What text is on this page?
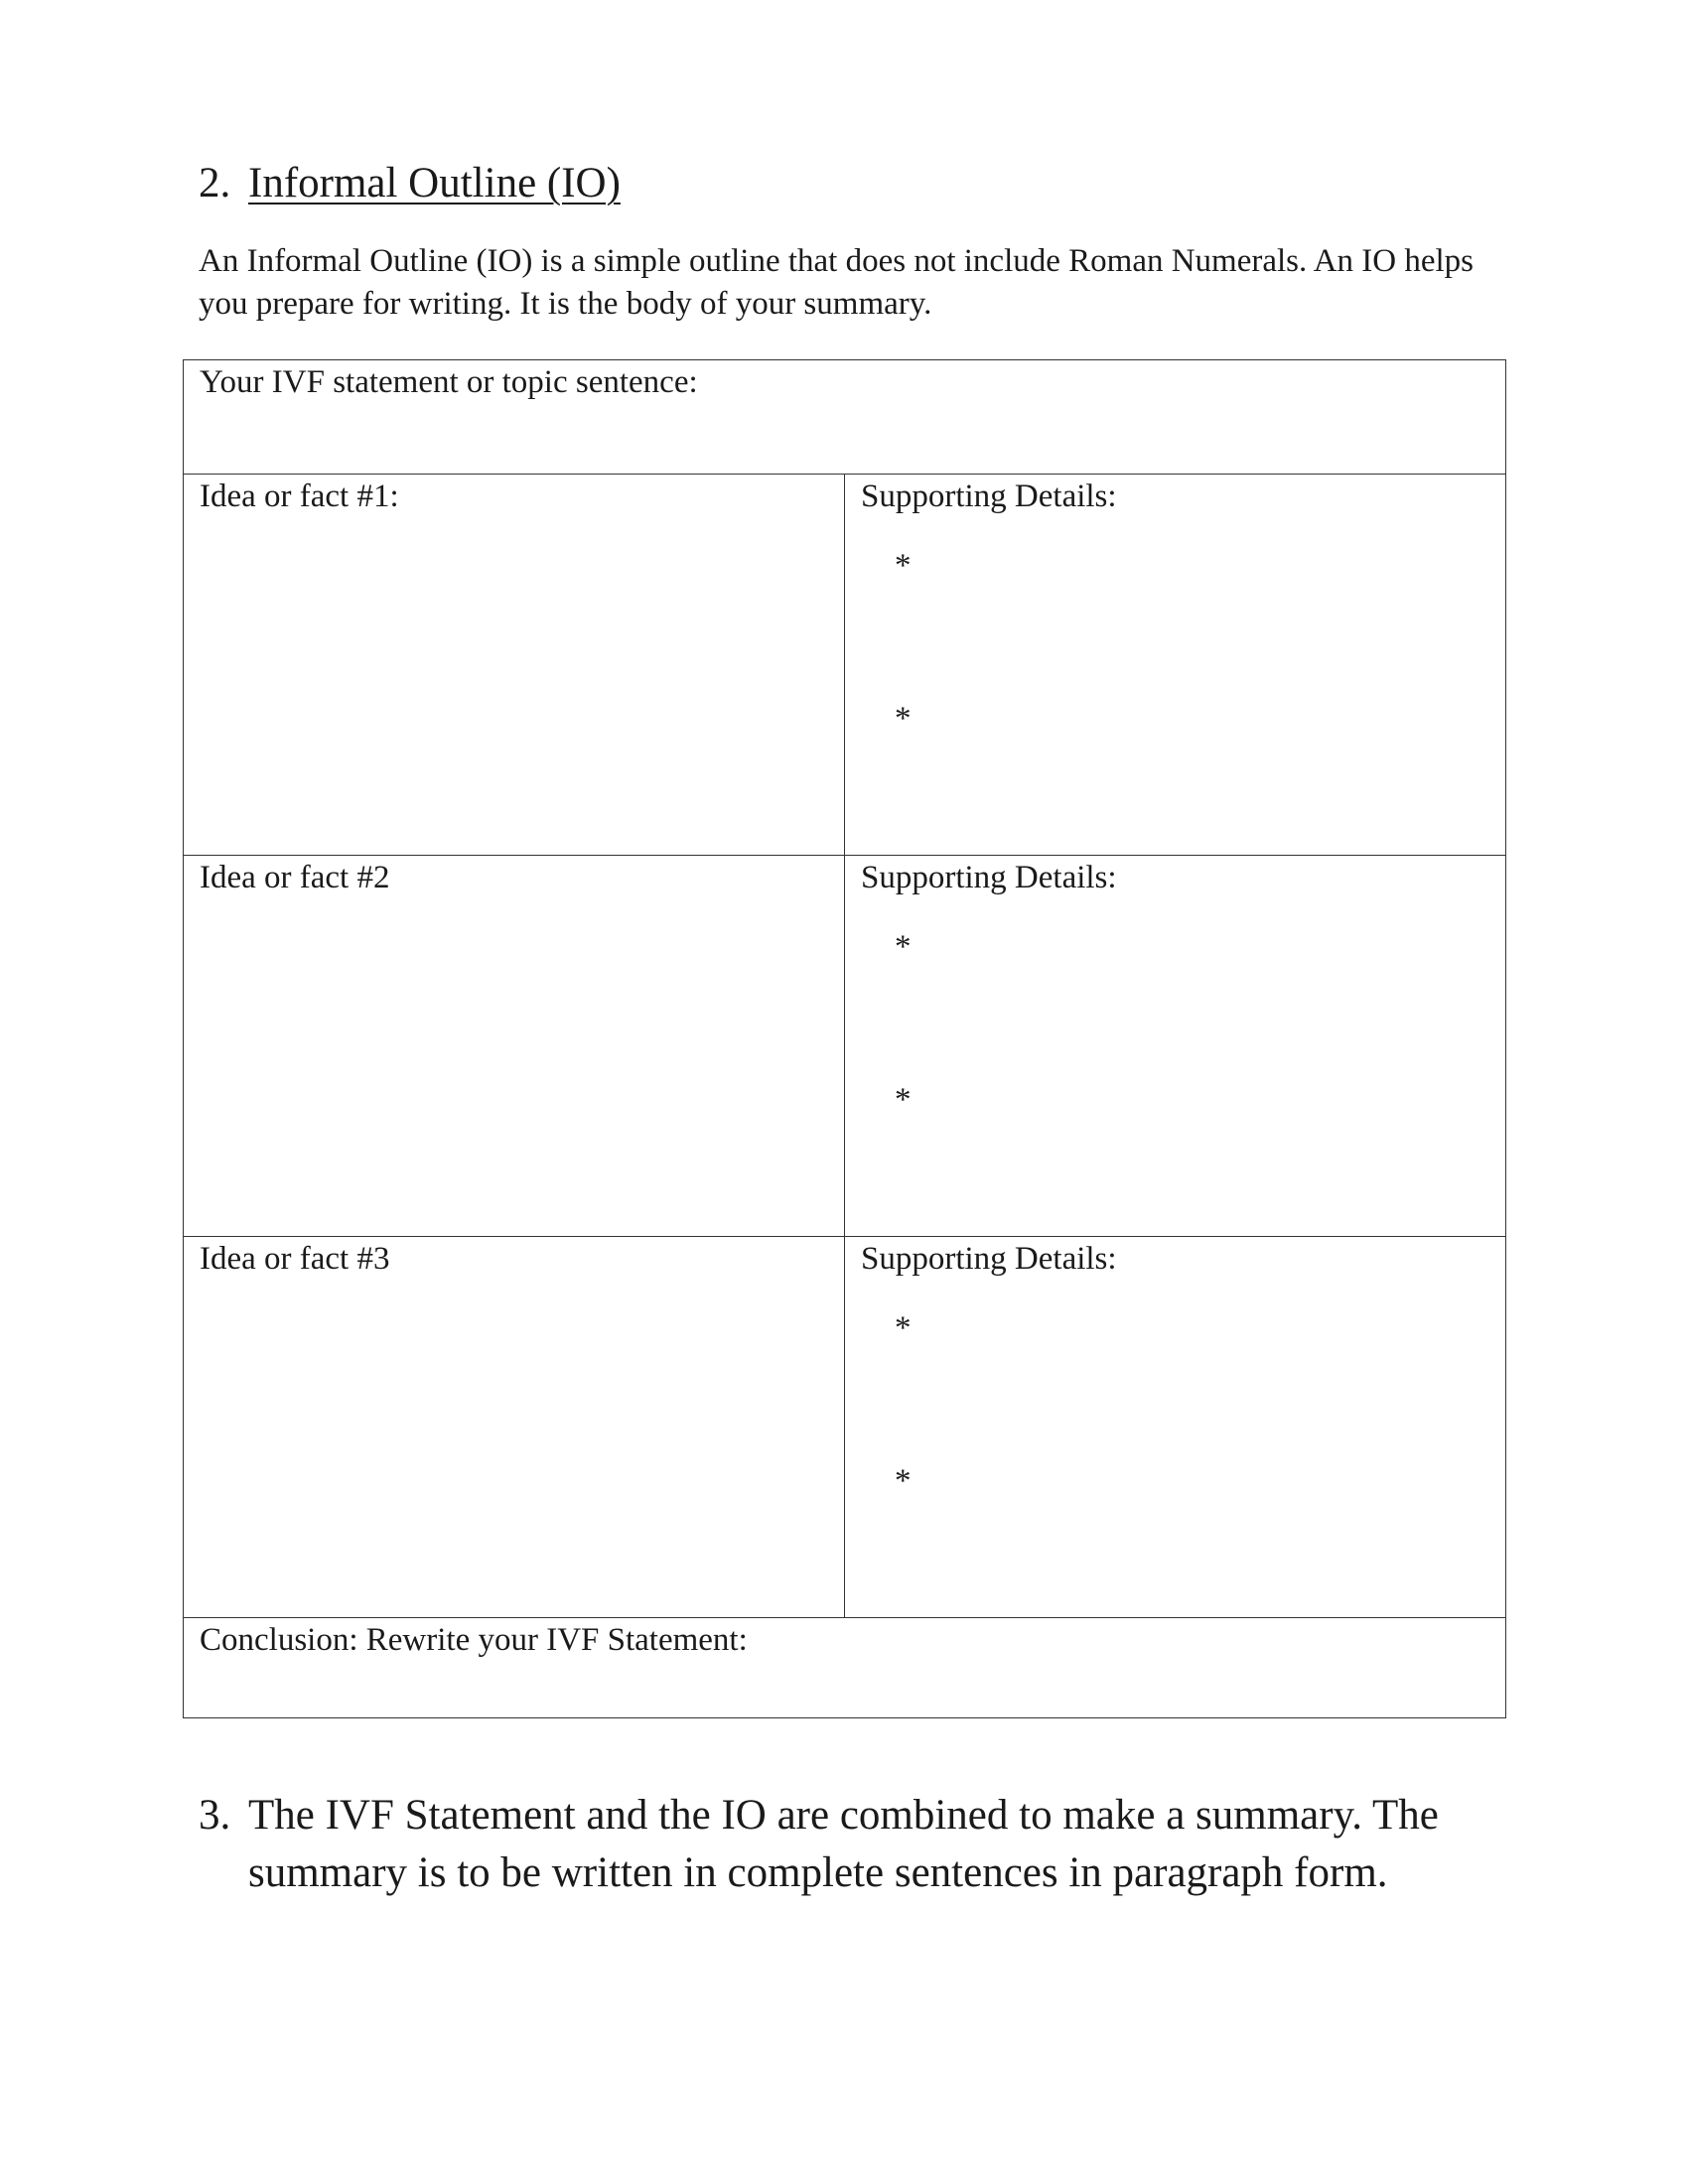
2. Informal Outline (IO)

An Informal Outline (IO) is a simple outline that does not include Roman Numerals. An IO helps you prepare for writing. It is the body of your summary.

Your IVF statement or topic sentence:	

Idea or fact #1:	Supporting Details:
*
*

Idea or fact #2	Supporting Details:
*
*

Idea or fact #3	Supporting Details:
*
*

Conclusion: Rewrite your IVF Statement:	
3. The IVF Statement and the IO are combined to make a summary. The summary is to be written in complete sentences in paragraph form.
